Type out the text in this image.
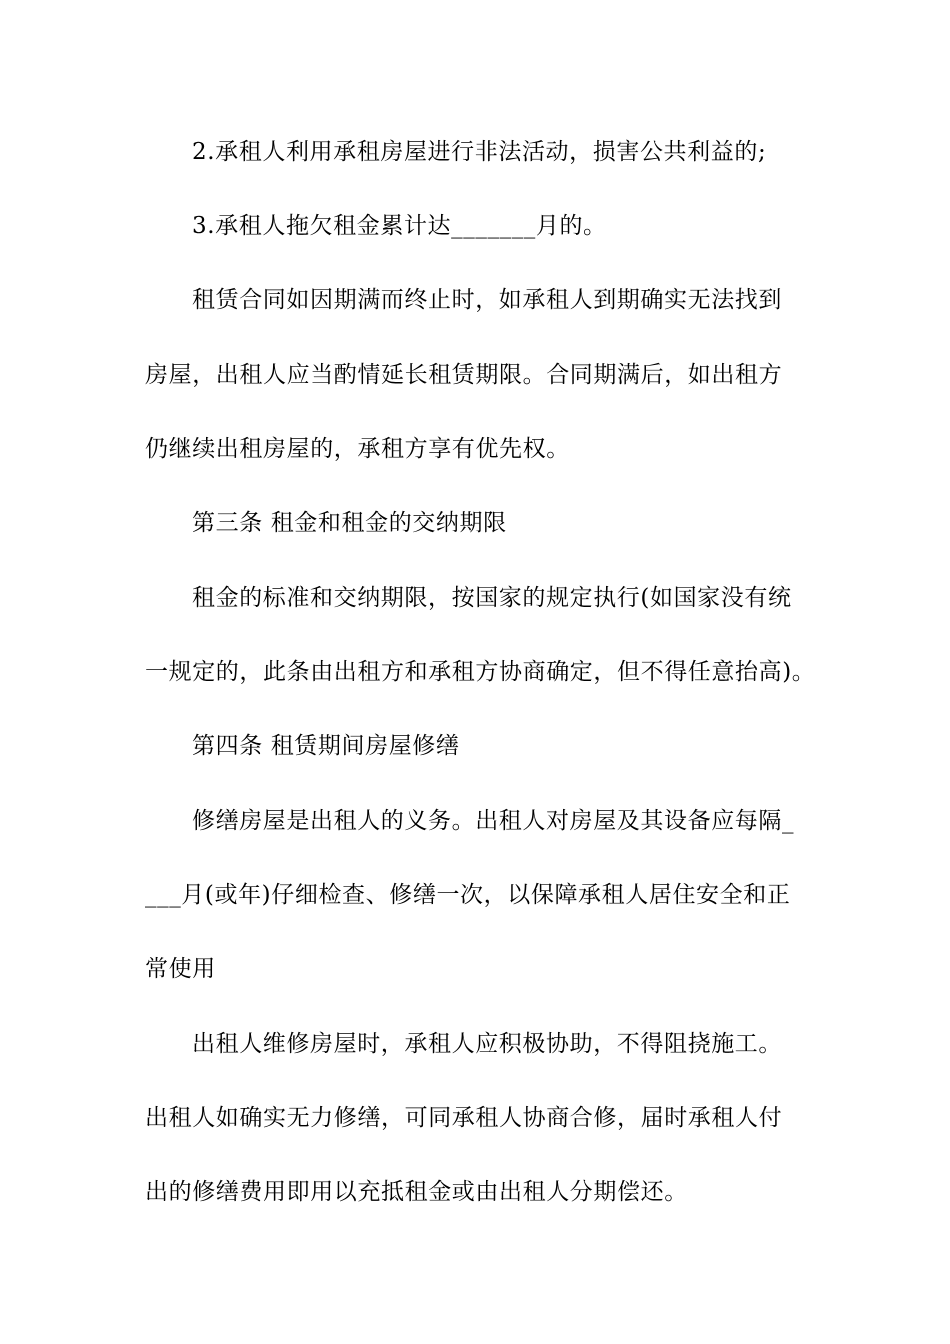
2.承租人利用承租房屋进行非法活动，损害公共利益的;
3.承租人拖欠租金累计达_______月的。
租赁合同如因期满而终止时，如承租人到期确实无法找到
房屋，出租人应当酌情延长租赁期限。合同期满后，如出租方
仍继续出租房屋的，承租方享有优先权。
第三条 租金和租金的交纳期限
租金的标准和交纳期限，按国家的规定执行(如国家没有统
一规定的，此条由出租方和承租方协商确定，但不得任意抬高)。
第四条 租赁期间房屋修缮
修缮房屋是出租人的义务。出租人对房屋及其设备应每隔_
___月(或年)仔细检查、修缮一次，以保障承租人居住安全和正
常使用
出租人维修房屋时，承租人应积极协助，不得阻挠施工。
出租人如确实无力修缮，可同承租人协商合修，届时承租人付
出的修缮费用即用以充抵租金或由出租人分期偿还。
